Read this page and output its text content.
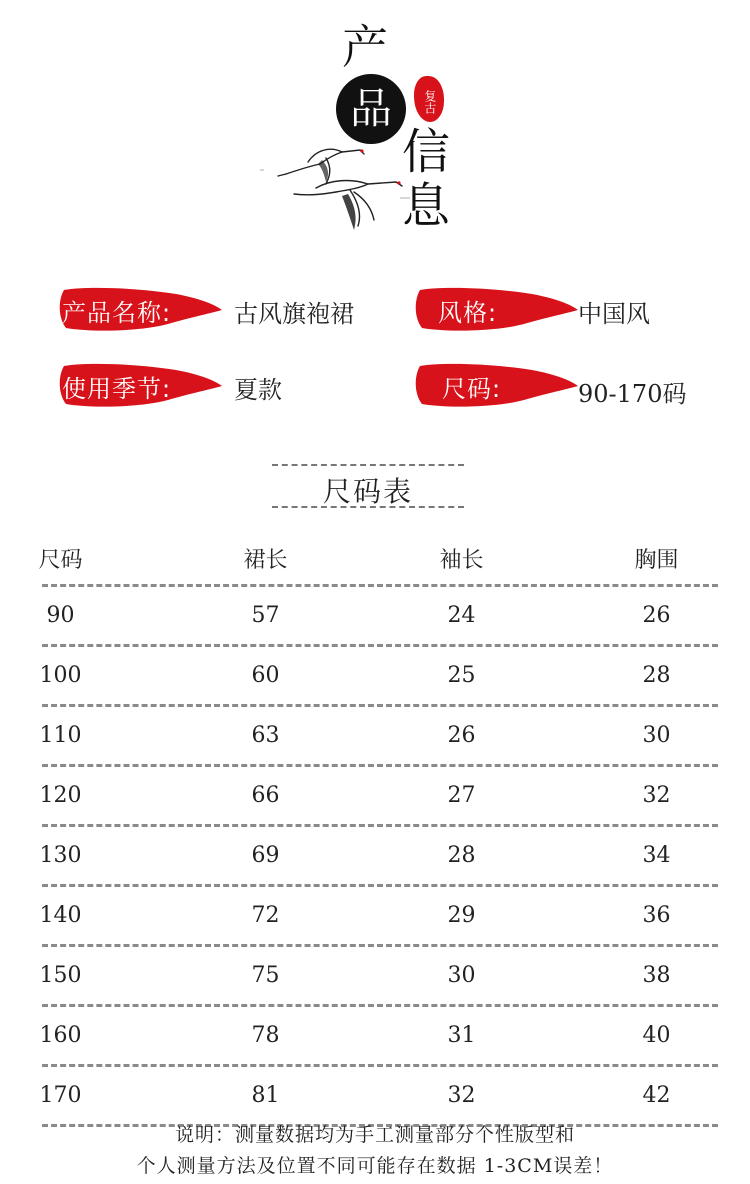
产
品	复古
信
息
产品名称:	古风旗袍裙	风格:	中国风
使用季节:	夏款	尺码:	90-170码
尺码表
尺码	裙长	袖长	胸围
90	57	24	26
100	60	25	28
110	63	26	30
120	66	27	32
130	69	28	34
140	72	29	36
150	75	30	38
160	78	31	40
170	81	32	42
说明：测量数据均为手工测量部分个性版型和
个人测量方法及位置不同可能存在数据 1-3CM误差！
